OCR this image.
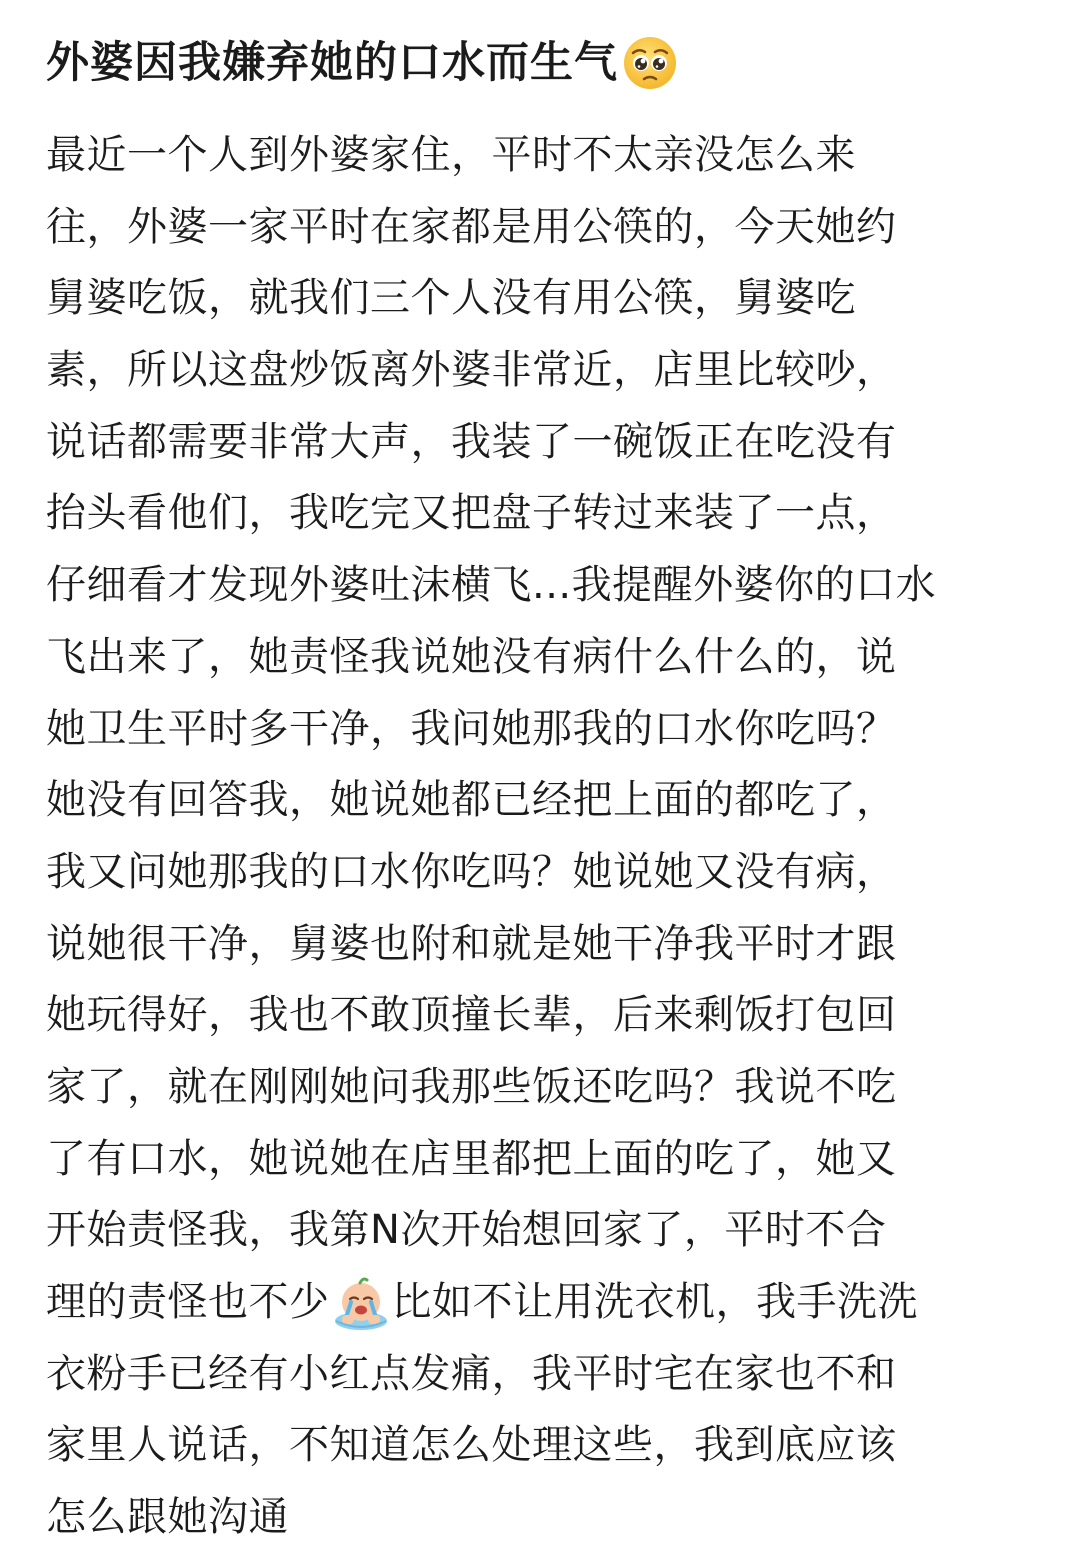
外婆因我嫌弃她的口水而生气
最近一个人到外婆家住，平时不太亲没怎么来
往，外婆一家平时在家都是用公筷的，今天她约
舅婆吃饭，就我们三个人没有用公筷，舅婆吃
素，所以这盘炒饭离外婆非常近，店里比较吵，
说话都需要非常大声，我装了一碗饭正在吃没有
抬头看他们，我吃完又把盘子转过来装了一点，
仔细看才发现外婆吐沫横飞...我提醒外婆你的口水
飞出来了，她责怪我说她没有病什么什么的，说
她卫生平时多干净，我问她那我的口水你吃吗？
她没有回答我，她说她都已经把上面的都吃了，
我又问她那我的口水你吃吗？她说她又没有病，
说她很干净，舅婆也附和就是她干净我平时才跟
她玩得好，我也不敢顶撞长辈，后来剩饭打包回
家了，就在刚刚她问我那些饭还吃吗？我说不吃
了有口水，她说她在店里都把上面的吃了，她又
开始责怪我，我第N次开始想回家了，平时不合
理的责怪也不少 比如不让用洗衣机，我手洗洗
衣粉手已经有小红点发痛，我平时宅在家也不和
家里人说话，不知道怎么处理这些，我到底应该
怎么跟她沟通
